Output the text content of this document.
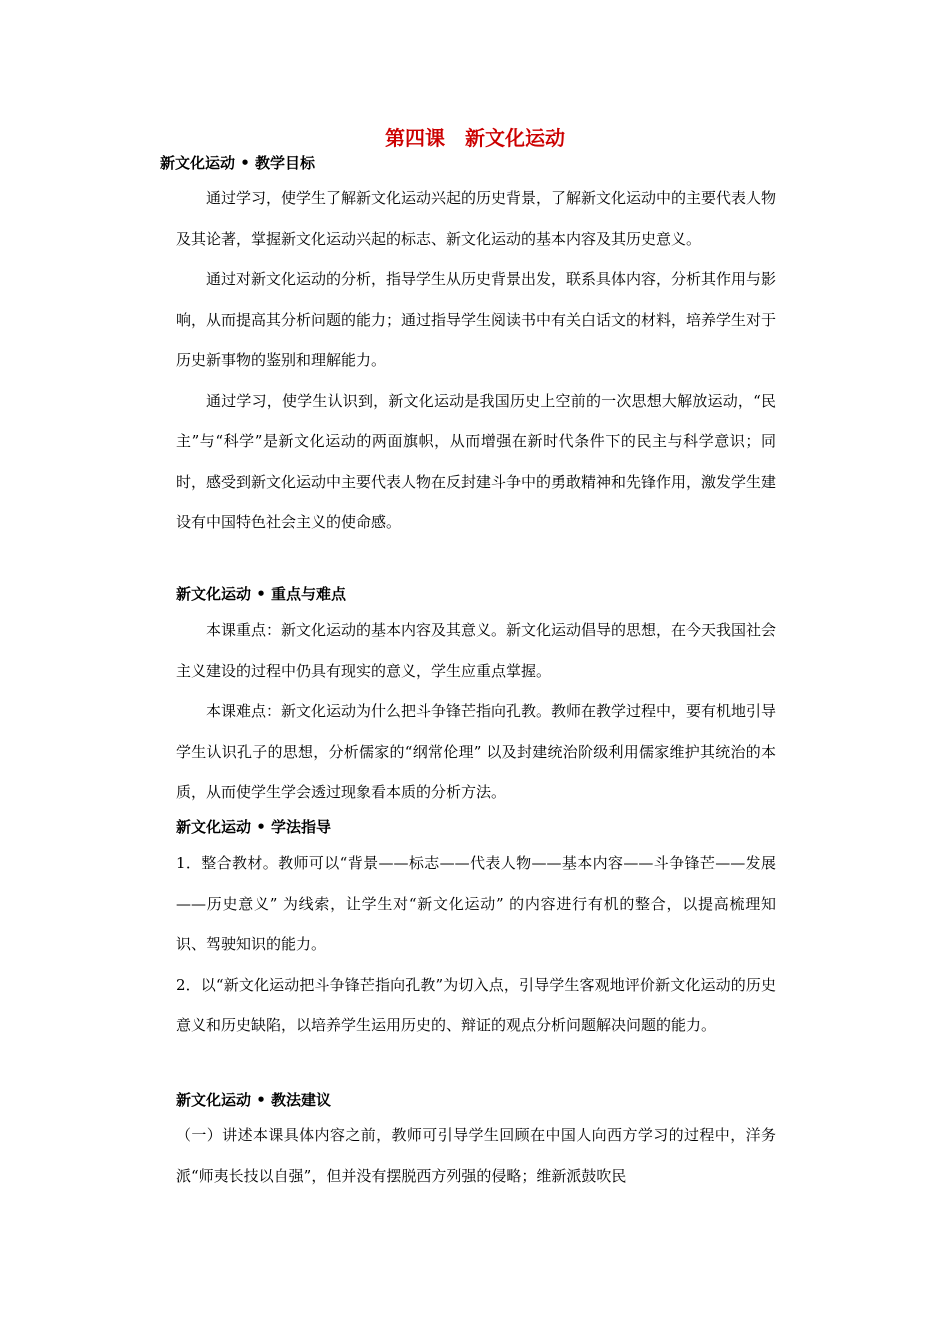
第四课　新文化运动

新文化运动 • 教学目标

通过学习，使学生了解新文化运动兴起的历史背景，了解新文化运动中的主要代表人物及其论著，掌握新文化运动兴起的标志、新文化运动的基本内容及其历史意义。

通过对新文化运动的分析，指导学生从历史背景出发，联系具体内容，分析其作用与影响，从而提高其分析问题的能力；通过指导学生阅读书中有关白话文的材料，培养学生对于历史新事物的鉴别和理解能力。

通过学习，使学生认识到，新文化运动是我国历史上空前的一次思想大解放运动，“民主”与“科学”是新文化运动的两面旗帜，从而增强在新时代条件下的民主与科学意识；同时，感受到新文化运动中主要代表人物在反封建斗争中的勇敢精神和先锋作用，激发学生建设有中国特色社会主义的使命感。

新文化运动 • 重点与难点

本课重点：新文化运动的基本内容及其意义。新文化运动倡导的思想，在今天我国社会主义建设的过程中仍具有现实的意义，学生应重点掌握。

本课难点：新文化运动为什么把斗争锋芒指向孔教。教师在教学过程中，要有机地引导学生认识孔子的思想，分析儒家的“纲常伦理” 以及封建统治阶级利用儒家维护其统治的本质，从而使学生学会透过现象看本质的分析方法。

新文化运动 • 学法指导

1．整合教材。教师可以“背景——标志——代表人物——基本内容——斗争锋芒——发展——历史意义” 为线索，让学生对“新文化运动” 的内容进行有机的整合，以提高梳理知识、驾驶知识的能力。

2．以“新文化运动把斗争锋芒指向孔教”为切入点，引导学生客观地评价新文化运动的历史意义和历史缺陷，以培养学生运用历史的、辩证的观点分析问题解决问题的能力。

新文化运动 • 教法建议

（一）讲述本课具体内容之前，教师可引导学生回顾在中国人向西方学习的过程中，洋务派“师夷长技以自强”，但并没有摆脱西方列强的侵略；维新派鼓吹民
